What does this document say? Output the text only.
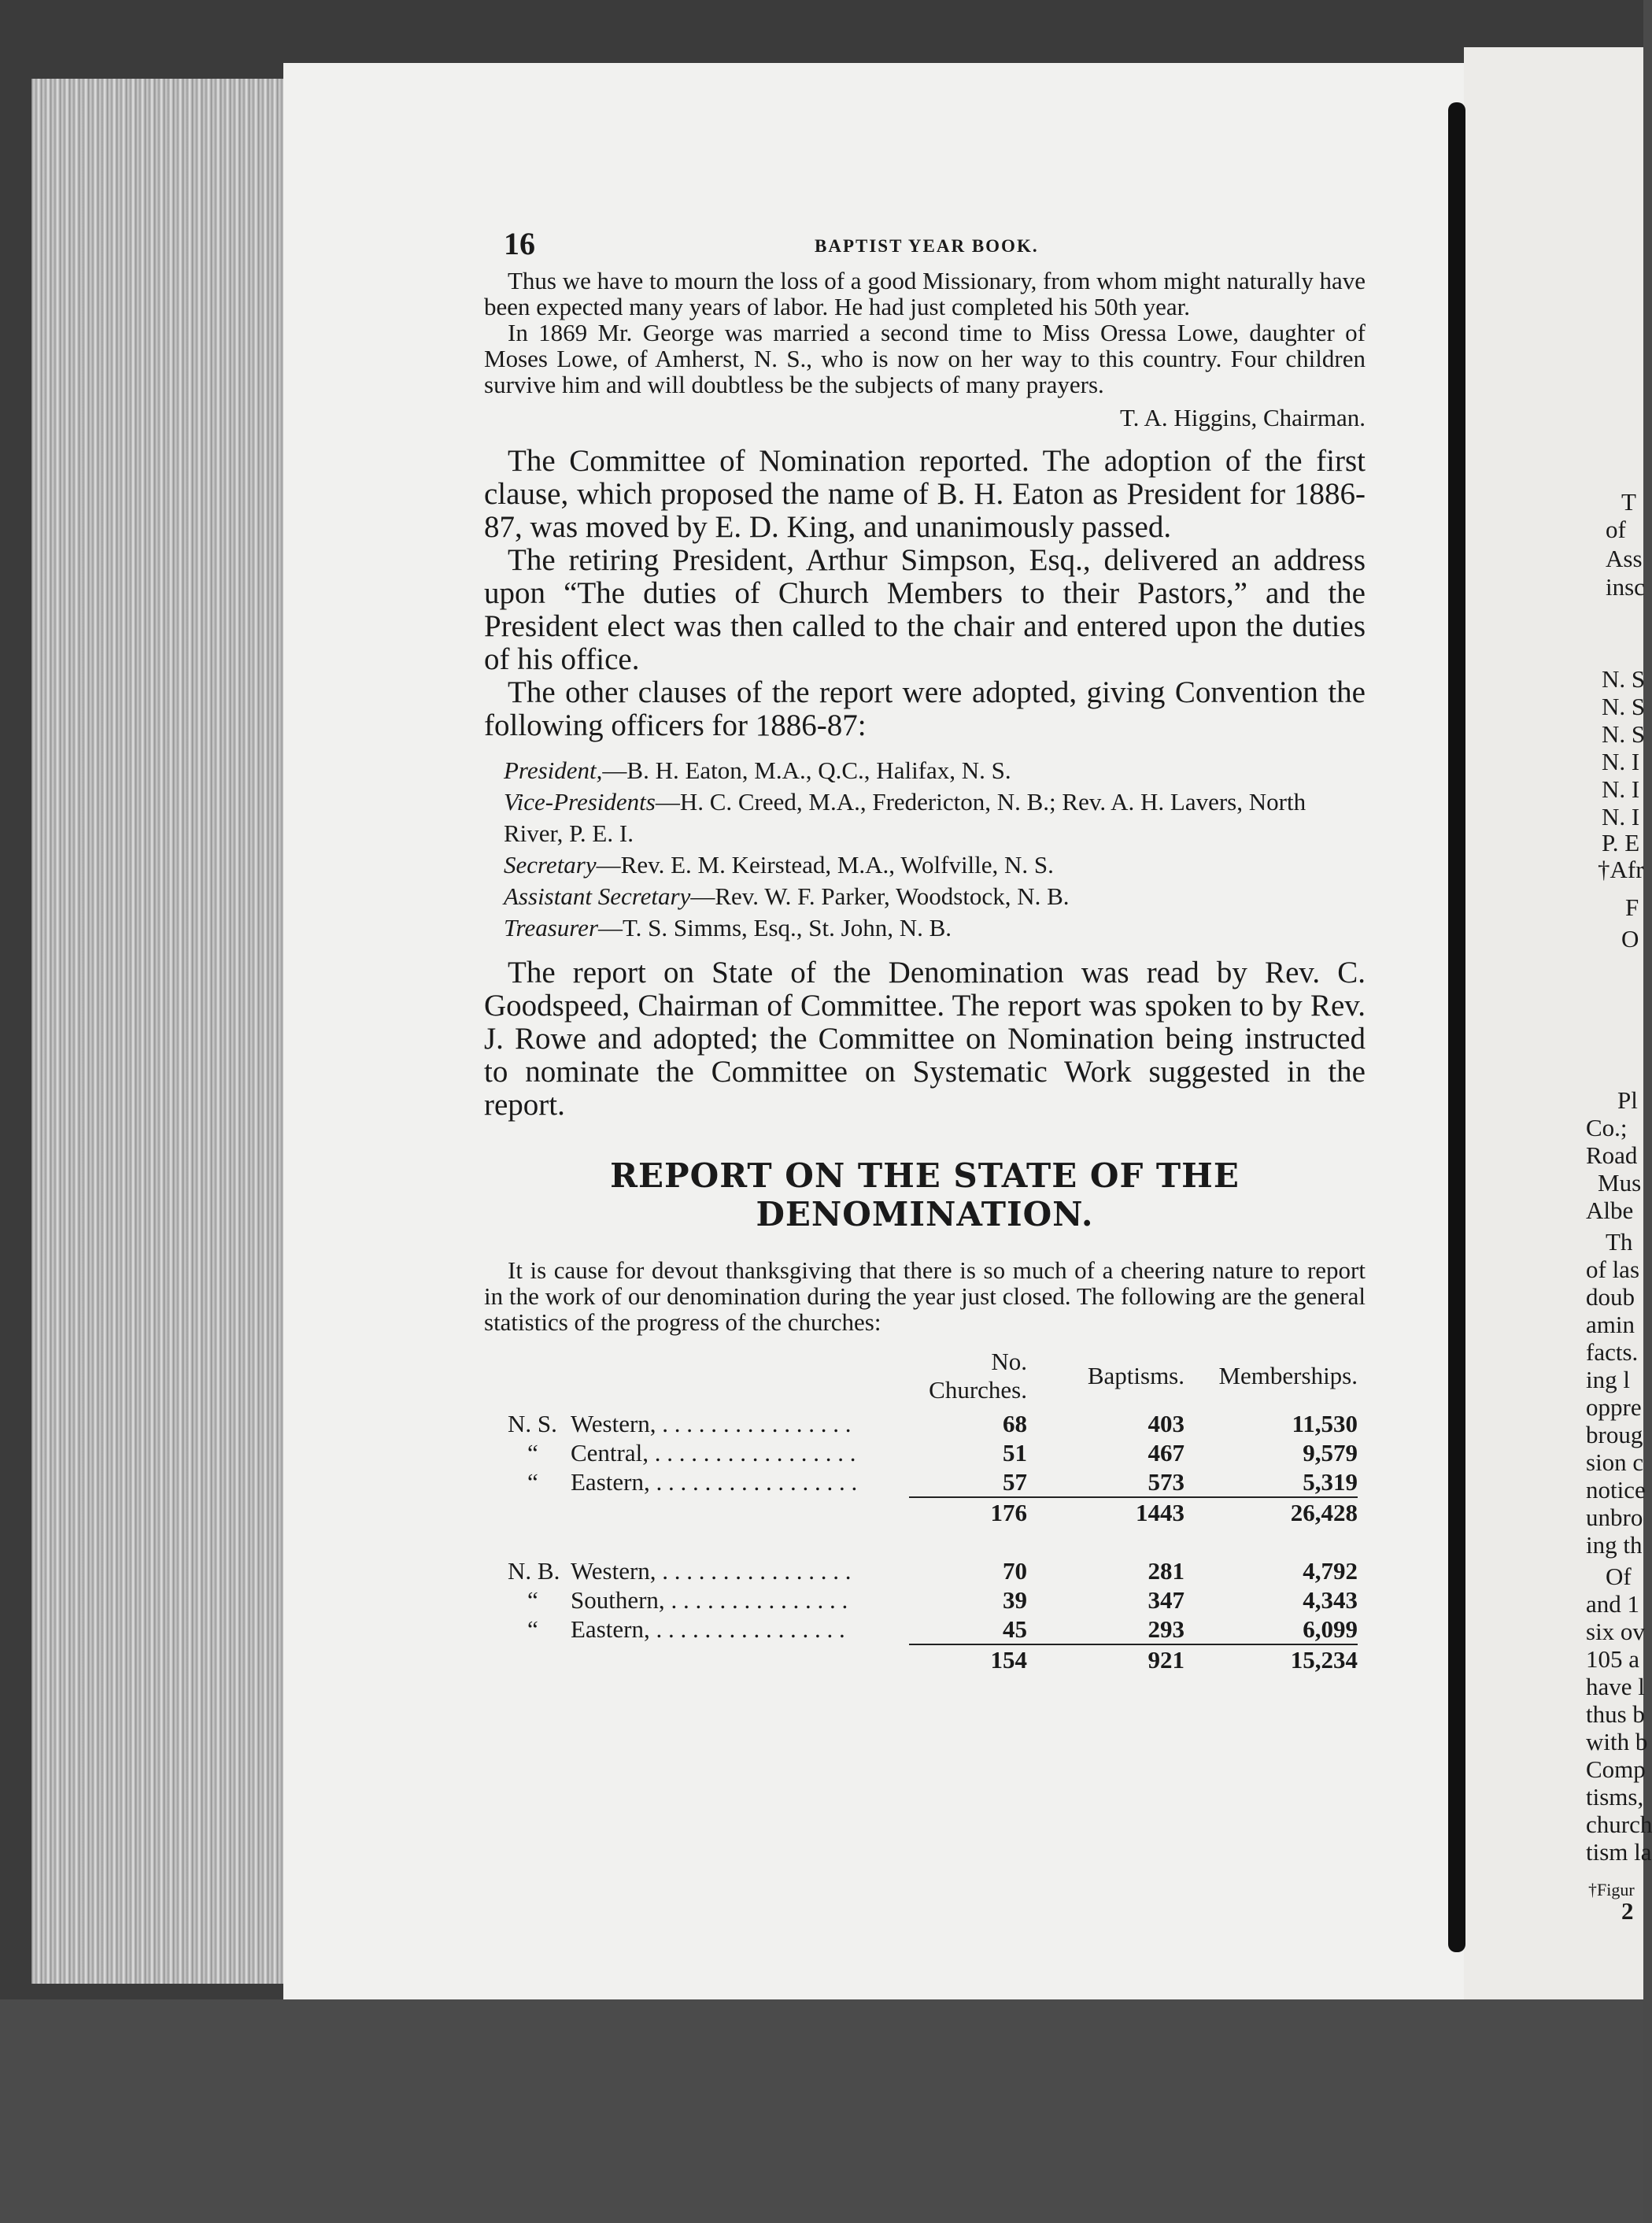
16	BAPTIST YEAR BOOK.

Thus we have to mourn the loss of a good Missionary, from whom might naturally have been expected many years of labor. He had just completed his 50th year.

In 1869 Mr. George was married a second time to Miss Oressa Lowe, daughter of Moses Lowe, of Amherst, N. S., who is now on her way to this country. Four children survive him and will doubtless be the subjects of many prayers.

T. A. Higgins, Chairman.

The Committee of Nomination reported. The adoption of the first clause, which proposed the name of B. H. Eaton as President for 1886-87, was moved by E. D. King, and unanimously passed.

The retiring President, Arthur Simpson, Esq., delivered an address upon “The duties of Church Members to their Pastors,” and the President elect was then called to the chair and entered upon the duties of his office.

The other clauses of the report were adopted, giving Convention the following officers for 1886-87:

President,—B. H. Eaton, M.A., Q.C., Halifax, N. S.
Vice-Presidents—H. C. Creed, M.A., Fredericton, N. B.; Rev. A. H. Lavers, North River, P. E. I.
Secretary—Rev. E. M. Keirstead, M.A., Wolfville, N. S.
Assistant Secretary—Rev. W. F. Parker, Woodstock, N. B.
Treasurer—T. S. Simms, Esq., St. John, N. B.

The report on State of the Denomination was read by Rev. C. Goodspeed, Chairman of Committee. The report was spoken to by Rev. J. Rowe and adopted; the Committee on Nomination being instructed to nominate the Committee on Systematic Work suggested in the report.

REPORT ON THE STATE OF THE DENOMINATION.

It is cause for devout thanksgiving that there is so much of a cheering nature to report in the work of our denomination during the year just closed. The following are the general statistics of the progress of the churches:

		No. Churches.	Baptisms.	Memberships.
N. S.	Western, . . . . . . . . . . . . . . . .	68	403	11,530
“	Central, . . . . . . . . . . . . . . . . .	51	467	9,579
“	Eastern, . . . . . . . . . . . . . . . . .	57	573	5,319
		176	1443	26,428

N. B.	Western, . . . . . . . . . . . . . . . .	70	281	4,792
“	Southern, . . . . . . . . . . . . . . .	39	347	4,343
“	Eastern, . . . . . . . . . . . . . . . .	45	293	6,099
		154	921	15,234
T
of
Ass
insc
N. S
N. S
N. S
N. I
N. I
N. I
P. E
†Afr
F
O
Pl
Co.;
Road
Mus
Albe
Th
of las
doub
amin
facts.
ing l
oppre
broug
sion c
notice
unbro
ing th
Of
and 1
six ov
105 a
have l
thus b
with b
Comp
tisms,
church
tism la
†Figur
2
